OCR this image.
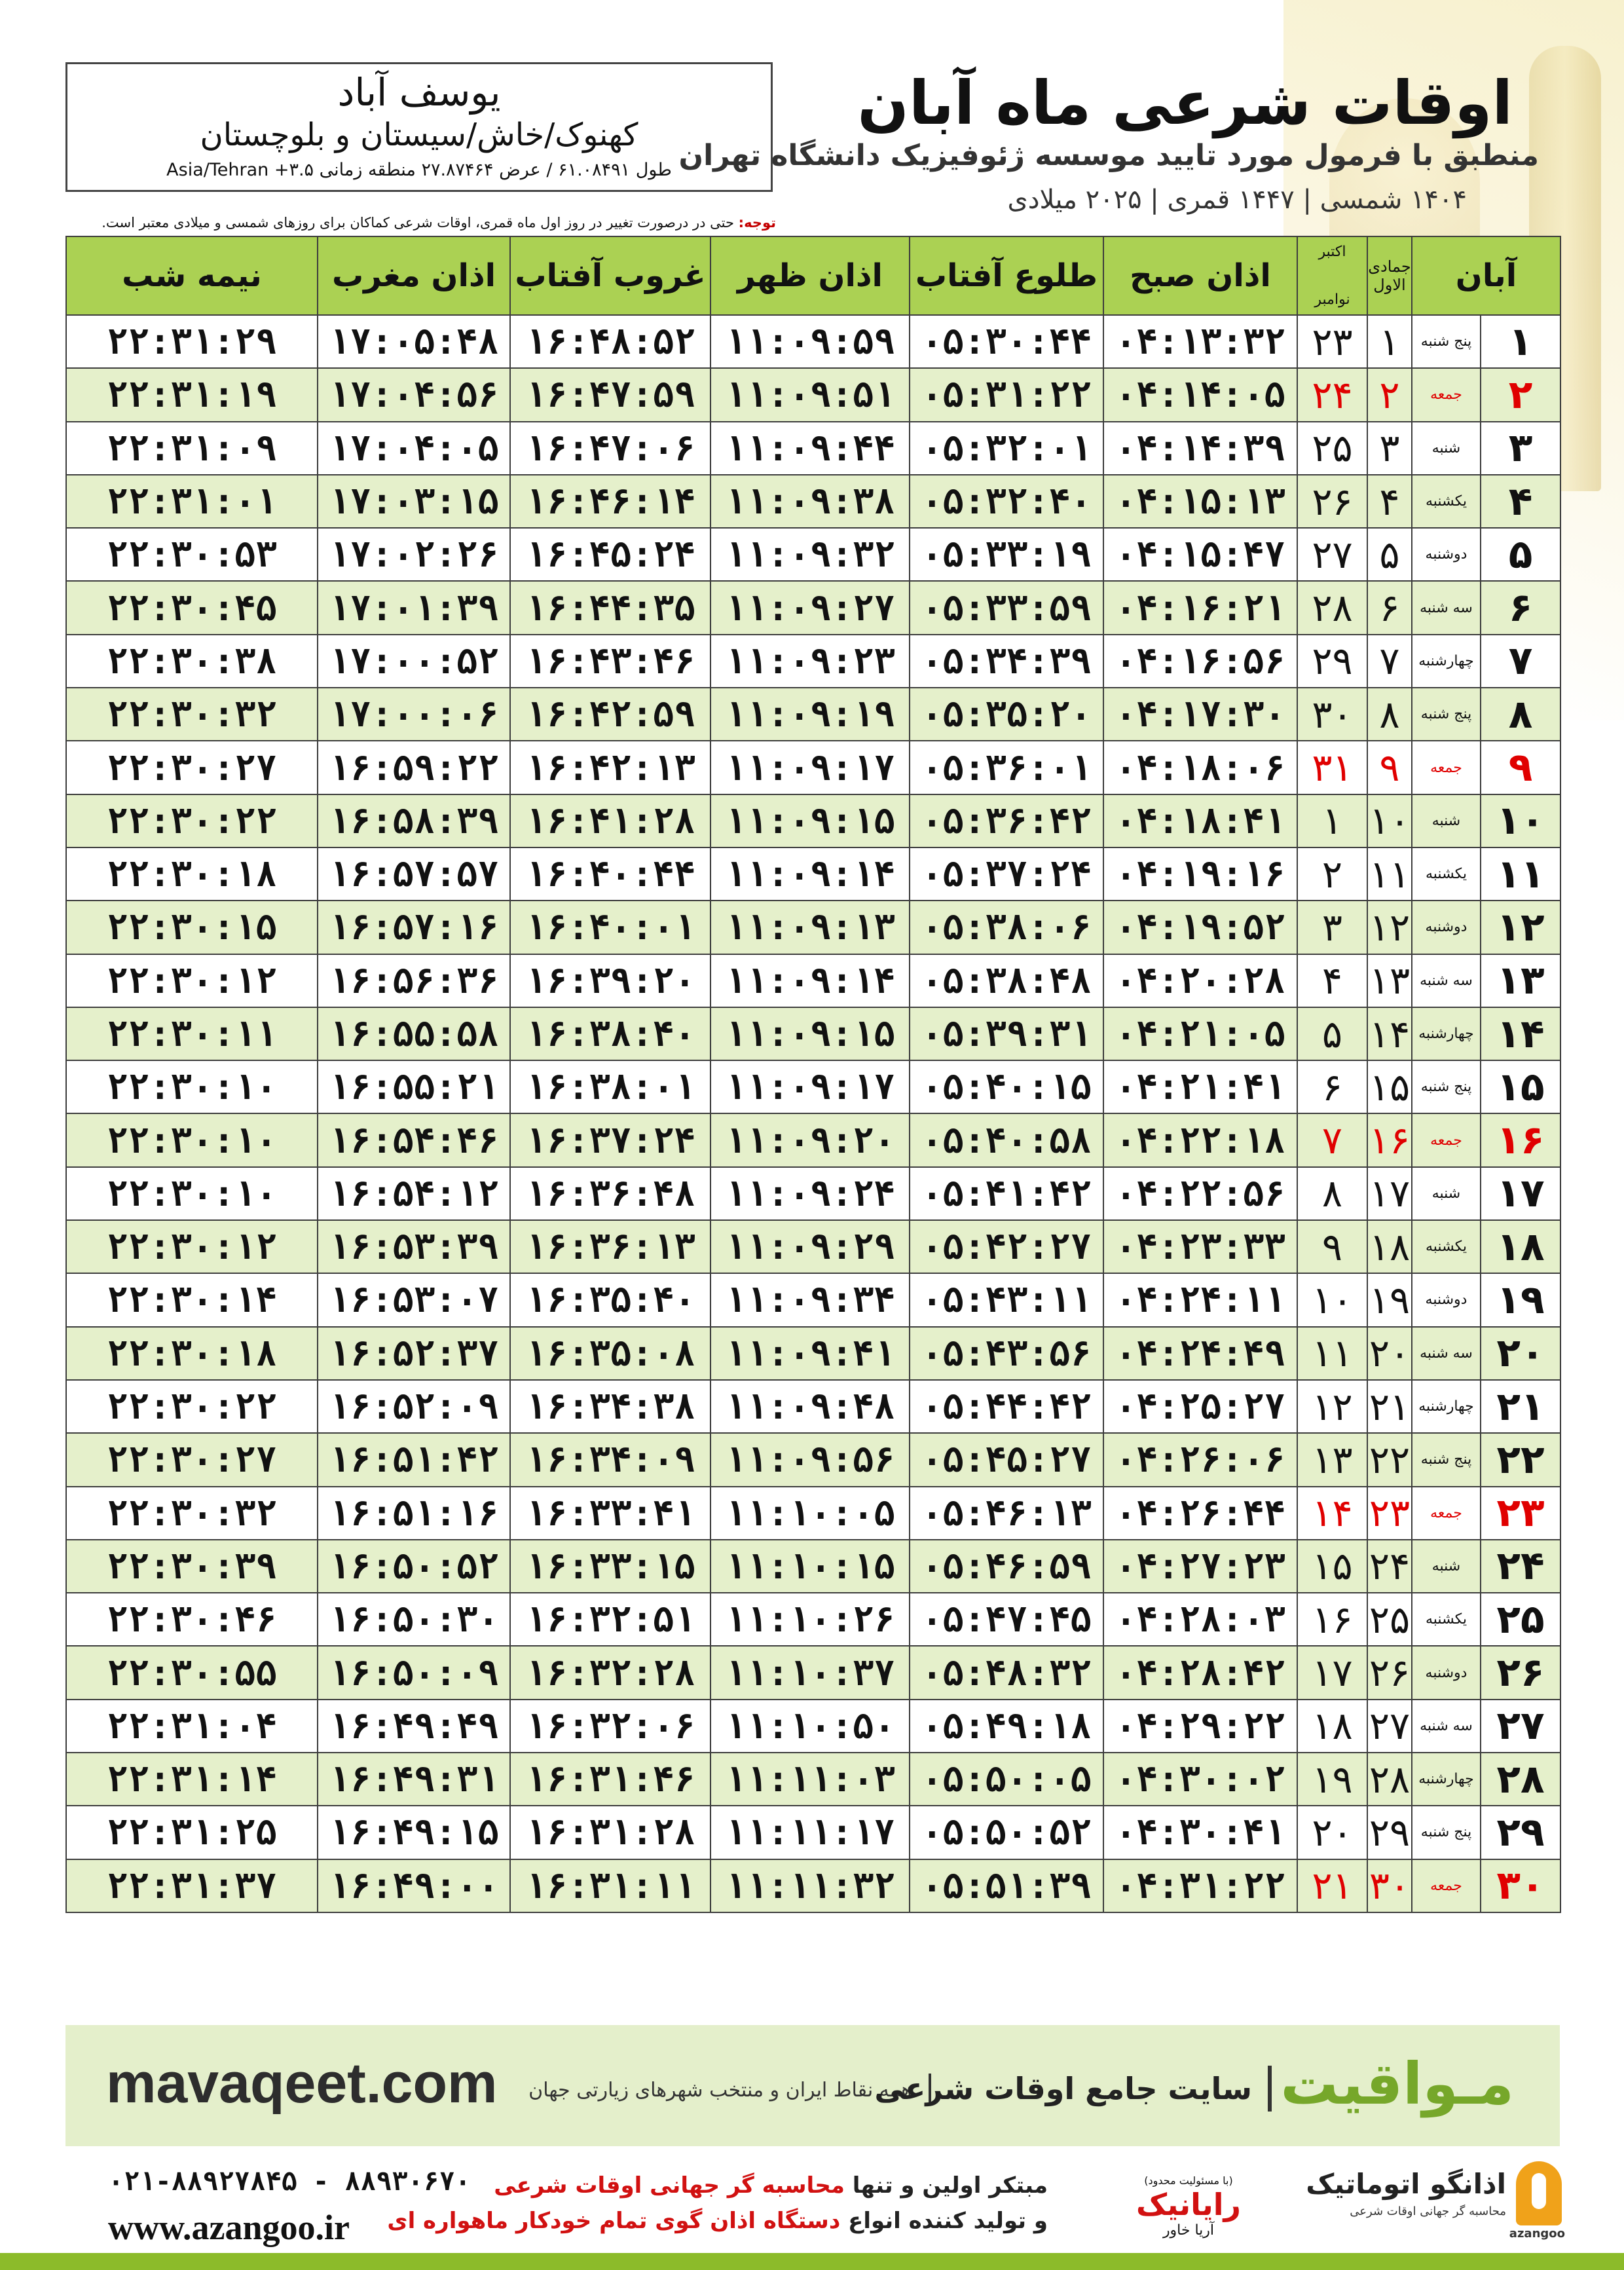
یوسف آباد
کهنوک/خاش/سیستان و بلوچستان
طول ۶۱.۰۸۴۹۱ / عرض ۲۷.۸۷۴۶۴ منطقه زمانی ۳.۵+ Asia/Tehran
اوقات شرعی ماه آبان
منطبق با فرمول مورد تایید موسسه ژئوفیزیک دانشگاه تهران
۱۴۰۴ شمسی | ۱۴۴۷ قمری | ۲۰۲۵ میلادی
توجه: حتی در درصورت تغییر در روز اول ماه قمری، اوقات شرعی کماکان برای روزهای شمسی و میلادی معتبر است.
آبان		جمادی الاول	اکتبر
نوامبر	اذان صبح	طلوع آفتاب	اذان ظهر	غروب آفتاب	اذان مغرب	نیمه شب
۱	پنج شنبه	۱	۲۳	۰۴:۱۳:۳۲	۰۵:۳۰:۴۴	۱۱:۰۹:۵۹	۱۶:۴۸:۵۲	۱۷:۰۵:۴۸	۲۲:۳۱:۲۹
۲	جمعه	۲	۲۴	۰۴:۱۴:۰۵	۰۵:۳۱:۲۲	۱۱:۰۹:۵۱	۱۶:۴۷:۵۹	۱۷:۰۴:۵۶	۲۲:۳۱:۱۹
۳	شنبه	۳	۲۵	۰۴:۱۴:۳۹	۰۵:۳۲:۰۱	۱۱:۰۹:۴۴	۱۶:۴۷:۰۶	۱۷:۰۴:۰۵	۲۲:۳۱:۰۹
۴	یکشنبه	۴	۲۶	۰۴:۱۵:۱۳	۰۵:۳۲:۴۰	۱۱:۰۹:۳۸	۱۶:۴۶:۱۴	۱۷:۰۳:۱۵	۲۲:۳۱:۰۱
۵	دوشنبه	۵	۲۷	۰۴:۱۵:۴۷	۰۵:۳۳:۱۹	۱۱:۰۹:۳۲	۱۶:۴۵:۲۴	۱۷:۰۲:۲۶	۲۲:۳۰:۵۳
۶	سه شنبه	۶	۲۸	۰۴:۱۶:۲۱	۰۵:۳۳:۵۹	۱۱:۰۹:۲۷	۱۶:۴۴:۳۵	۱۷:۰۱:۳۹	۲۲:۳۰:۴۵
۷	چهارشنبه	۷	۲۹	۰۴:۱۶:۵۶	۰۵:۳۴:۳۹	۱۱:۰۹:۲۳	۱۶:۴۳:۴۶	۱۷:۰۰:۵۲	۲۲:۳۰:۳۸
۸	پنج شنبه	۸	۳۰	۰۴:۱۷:۳۰	۰۵:۳۵:۲۰	۱۱:۰۹:۱۹	۱۶:۴۲:۵۹	۱۷:۰۰:۰۶	۲۲:۳۰:۳۲
۹	جمعه	۹	۳۱	۰۴:۱۸:۰۶	۰۵:۳۶:۰۱	۱۱:۰۹:۱۷	۱۶:۴۲:۱۳	۱۶:۵۹:۲۲	۲۲:۳۰:۲۷
۱۰	شنبه	۱۰	۱	۰۴:۱۸:۴۱	۰۵:۳۶:۴۲	۱۱:۰۹:۱۵	۱۶:۴۱:۲۸	۱۶:۵۸:۳۹	۲۲:۳۰:۲۲
۱۱	یکشنبه	۱۱	۲	۰۴:۱۹:۱۶	۰۵:۳۷:۲۴	۱۱:۰۹:۱۴	۱۶:۴۰:۴۴	۱۶:۵۷:۵۷	۲۲:۳۰:۱۸
۱۲	دوشنبه	۱۲	۳	۰۴:۱۹:۵۲	۰۵:۳۸:۰۶	۱۱:۰۹:۱۳	۱۶:۴۰:۰۱	۱۶:۵۷:۱۶	۲۲:۳۰:۱۵
۱۳	سه شنبه	۱۳	۴	۰۴:۲۰:۲۸	۰۵:۳۸:۴۸	۱۱:۰۹:۱۴	۱۶:۳۹:۲۰	۱۶:۵۶:۳۶	۲۲:۳۰:۱۲
۱۴	چهارشنبه	۱۴	۵	۰۴:۲۱:۰۵	۰۵:۳۹:۳۱	۱۱:۰۹:۱۵	۱۶:۳۸:۴۰	۱۶:۵۵:۵۸	۲۲:۳۰:۱۱
۱۵	پنج شنبه	۱۵	۶	۰۴:۲۱:۴۱	۰۵:۴۰:۱۵	۱۱:۰۹:۱۷	۱۶:۳۸:۰۱	۱۶:۵۵:۲۱	۲۲:۳۰:۱۰
۱۶	جمعه	۱۶	۷	۰۴:۲۲:۱۸	۰۵:۴۰:۵۸	۱۱:۰۹:۲۰	۱۶:۳۷:۲۴	۱۶:۵۴:۴۶	۲۲:۳۰:۱۰
۱۷	شنبه	۱۷	۸	۰۴:۲۲:۵۶	۰۵:۴۱:۴۲	۱۱:۰۹:۲۴	۱۶:۳۶:۴۸	۱۶:۵۴:۱۲	۲۲:۳۰:۱۰
۱۸	یکشنبه	۱۸	۹	۰۴:۲۳:۳۳	۰۵:۴۲:۲۷	۱۱:۰۹:۲۹	۱۶:۳۶:۱۳	۱۶:۵۳:۳۹	۲۲:۳۰:۱۲
۱۹	دوشنبه	۱۹	۱۰	۰۴:۲۴:۱۱	۰۵:۴۳:۱۱	۱۱:۰۹:۳۴	۱۶:۳۵:۴۰	۱۶:۵۳:۰۷	۲۲:۳۰:۱۴
۲۰	سه شنبه	۲۰	۱۱	۰۴:۲۴:۴۹	۰۵:۴۳:۵۶	۱۱:۰۹:۴۱	۱۶:۳۵:۰۸	۱۶:۵۲:۳۷	۲۲:۳۰:۱۸
۲۱	چهارشنبه	۲۱	۱۲	۰۴:۲۵:۲۷	۰۵:۴۴:۴۲	۱۱:۰۹:۴۸	۱۶:۳۴:۳۸	۱۶:۵۲:۰۹	۲۲:۳۰:۲۲
۲۲	پنج شنبه	۲۲	۱۳	۰۴:۲۶:۰۶	۰۵:۴۵:۲۷	۱۱:۰۹:۵۶	۱۶:۳۴:۰۹	۱۶:۵۱:۴۲	۲۲:۳۰:۲۷
۲۳	جمعه	۲۳	۱۴	۰۴:۲۶:۴۴	۰۵:۴۶:۱۳	۱۱:۱۰:۰۵	۱۶:۳۳:۴۱	۱۶:۵۱:۱۶	۲۲:۳۰:۳۲
۲۴	شنبه	۲۴	۱۵	۰۴:۲۷:۲۳	۰۵:۴۶:۵۹	۱۱:۱۰:۱۵	۱۶:۳۳:۱۵	۱۶:۵۰:۵۲	۲۲:۳۰:۳۹
۲۵	یکشنبه	۲۵	۱۶	۰۴:۲۸:۰۳	۰۵:۴۷:۴۵	۱۱:۱۰:۲۶	۱۶:۳۲:۵۱	۱۶:۵۰:۳۰	۲۲:۳۰:۴۶
۲۶	دوشنبه	۲۶	۱۷	۰۴:۲۸:۴۲	۰۵:۴۸:۳۲	۱۱:۱۰:۳۷	۱۶:۳۲:۲۸	۱۶:۵۰:۰۹	۲۲:۳۰:۵۵
۲۷	سه شنبه	۲۷	۱۸	۰۴:۲۹:۲۲	۰۵:۴۹:۱۸	۱۱:۱۰:۵۰	۱۶:۳۲:۰۶	۱۶:۴۹:۴۹	۲۲:۳۱:۰۴
۲۸	چهارشنبه	۲۸	۱۹	۰۴:۳۰:۰۲	۰۵:۵۰:۰۵	۱۱:۱۱:۰۳	۱۶:۳۱:۴۶	۱۶:۴۹:۳۱	۲۲:۳۱:۱۴
۲۹	پنج شنبه	۲۹	۲۰	۰۴:۳۰:۴۱	۰۵:۵۰:۵۲	۱۱:۱۱:۱۷	۱۶:۳۱:۲۸	۱۶:۴۹:۱۵	۲۲:۳۱:۲۵
۳۰	جمعه	۳۰	۲۱	۰۴:۳۱:۲۲	۰۵:۵۱:۳۹	۱۱:۱۱:۳۲	۱۶:۳۱:۱۱	۱۶:۴۹:۰۰	۲۲:۳۱:۳۷
mavaqeet.com همه نقاط ایران و منتخب شهرهای زیارتی جهان
سایت جامع اوقات شرعی مـواقیت
۰۲۱-۸۸۹۲۷۸۴۵ - ۸۸۹۳۰۶۷۰
www.azangoo.ir
مبتکر اولین و تنها محاسبه گر جهانی اوقات شرعی
و تولید کننده انواع دستگاه اذان گوی تمام خودکار ماهواره ای
(با مسئولیت محدود)
رایانیک
آریا خاور
اذانگو اتوماتیک
محاسبه گر جهانی اوقات شرعی
azangoo
